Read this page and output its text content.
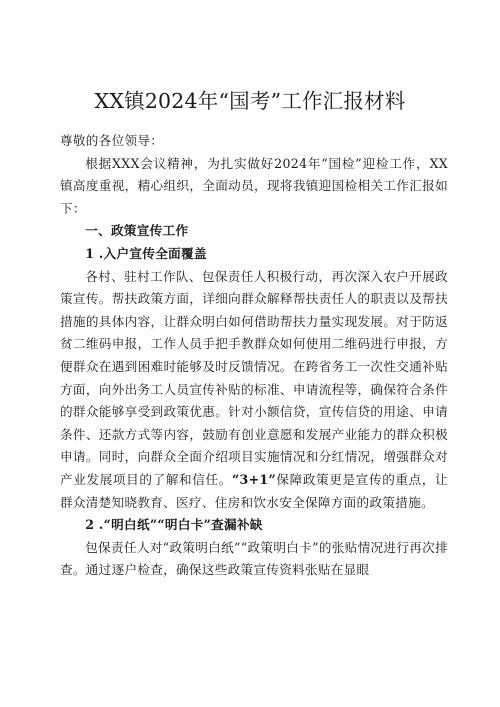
XX镇2024年“国考”工作汇报材料

尊敬的各位领导：

根据XXX会议精神，为扎实做好2024年“国检”迎检工作，XX镇高度重视，精心组织，全面动员，现将我镇迎国检相关工作汇报如下：

一、政策宣传工作

1 .入户宣传全面覆盖

各村、驻村工作队、包保责任人积极行动，再次深入农户开展政策宣传。帮扶政策方面，详细向群众解释帮扶责任人的职责以及帮扶措施的具体内容，让群众明白如何借助帮扶力量实现发展。对于防返贫二维码申报，工作人员手把手教群众如何使用二维码进行申报，方便群众在遇到困难时能够及时反馈情况。在跨省务工一次性交通补贴方面，向外出务工人员宣传补贴的标准、申请流程等，确保符合条件的群众能够享受到政策优惠。针对小额信贷，宣传信贷的用途、申请条件、还款方式等内容，鼓励有创业意愿和发展产业能力的群众积极申请。同时，向群众全面介绍项目实施情况和分红情况，增强群众对产业发展项目的了解和信任。“3+1”保障政策更是宣传的重点，让群众清楚知晓教育、医疗、住房和饮水安全保障方面的政策措施。

2 .“明白纸”“明白卡”查漏补缺

包保责任人对“政策明白纸”“政策明白卡”的张贴情况进行再次排查。通过逐户检查，确保这些政策宣传资料张贴在显眼
